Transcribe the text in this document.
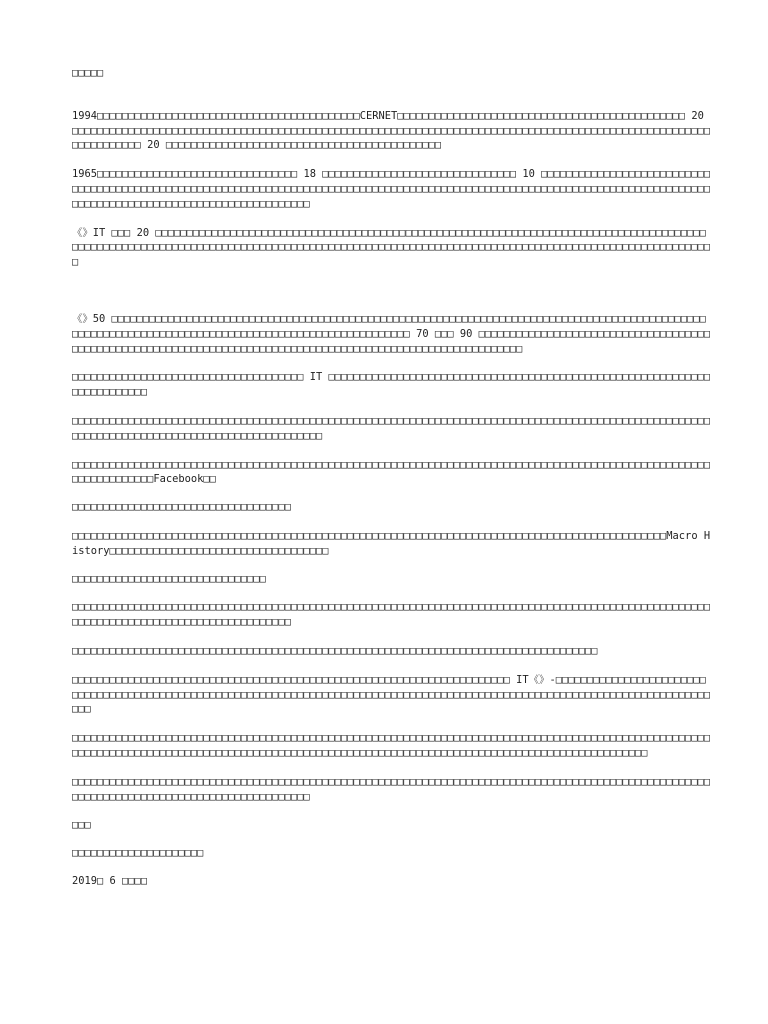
□□□□□

1994□□□□□□□□□□□□□□□□□□□□□□□□□□□□□□□□□□□□□□□□□□CERNET□□□□□□□□□□□□□□□□□□□□□□□□□□□□□□□□□□□□□□□□□□□□□□ 20 □□□□□□□□□□□□□□□□□□□□□□□□□□□□□□□□□□□□□□□□□□□□□□□□□□□□□□□□□□□□□□□□□□□□□□□□□□□□□□□□□□□□□□□□□□□□□□□□□□□□□□□□□□□□□□□□□ 20 □□□□□□□□□□□□□□□□□□□□□□□□□□□□□□□□□□□□□□□□□□□□

1965□□□□□□□□□□□□□□□□□□□□□□□□□□□□□□□□ 18 □□□□□□□□□□□□□□□□□□□□□□□□□□□□□□□ 10 □□□□□□□□□□□□□□□□□□□□□□□□□□□□□□□□□□□□□□□□□□□□□□□□□□□□□□□□□□□□□□□□□□□□□□□□□□□□□□□□□□□□□□□□□□□□□□□□□□□□□□□□□□□□□□□□□□□□□□□□□□□□□□□□□□□□□□□□□□□□□□□□□□□□□□□□□□□□□□□□□□□□□□□

《》IT □□□ 20 □□□□□□□□□□□□□□□□□□□□□□□□□□□□□□□□□□□□□□□□□□□□□□□□□□□□□□□□□□□□□□□□□□□□□□□□□□□□□□□□□□□□□□□□□□□□□□□□□□□□□□□□□□□□□□□□□□□□□□□□□□□□□□□□□□□□□□□□□□□□□□□□□□□□□□□□□□□□□□□□□□□□□□□□□□□□□□□□□□□□□□□□□□□□□□□

《》50 □□□□□□□□□□□□□□□□□□□□□□□□□□□□□□□□□□□□□□□□□□□□□□□□□□□□□□□□□□□□□□□□□□□□□□□□□□□□□□□□□□□□□□□□□□□□□□□□□□□□□□□□□□□□□□□□□□□□□□□□□□□□□□□□□□□□□□□□□□□□□□□□□□□□□ 70 □□□ 90 □□□□□□□□□□□□□□□□□□□□□□□□□□□□□□□□□□□□□□□□□□□□□□□□□□□□□□□□□□□□□□□□□□□□□□□□□□□□□□□□□□□□□□□□□□□□□□□□□□□□□□□□□□□□□

□□□□□□□□□□□□□□□□□□□□□□□□□□□□□□□□□□□□□ IT □□□□□□□□□□□□□□□□□□□□□□□□□□□□□□□□□□□□□□□□□□□□□□□□□□□□□□□□□□□□□□□□□□□□□□□□□

□□□□□□□□□□□□□□□□□□□□□□□□□□□□□□□□□□□□□□□□□□□□□□□□□□□□□□□□□□□□□□□□□□□□□□□□□□□□□□□□□□□□□□□□□□□□□□□□□□□□□□□□□□□□□□□□□□□□□□□□□□□□□□□□□□□□□□□□□□□□□□

□□□□□□□□□□□□□□□□□□□□□□□□□□□□□□□□□□□□□□□□□□□□□□□□□□□□□□□□□□□□□□□□□□□□□□□□□□□□□□□□□□□□□□□□□□□□□□□□□□□□□□□□□□□□□□□□□□□Facebook□□

□□□□□□□□□□□□□□□□□□□□□□□□□□□□□□□□□□□

□□□□□□□□□□□□□□□□□□□□□□□□□□□□□□□□□□□□□□□□□□□□□□□□□□□□□□□□□□□□□□□□□□□□□□□□□□□□□□□□□□□□□□□□□□□□□□□Macro History□□□□□□□□□□□□□□□□□□□□□□□□□□□□□□□□□□□

□□□□□□□□□□□□□□□□□□□□□□□□□□□□□□□

□□□□□□□□□□□□□□□□□□□□□□□□□□□□□□□□□□□□□□□□□□□□□□□□□□□□□□□□□□□□□□□□□□□□□□□□□□□□□□□□□□□□□□□□□□□□□□□□□□□□□□□□□□□□□□□□□□□□□□□□□□□□□□□□□□□□□□□□□

□□□□□□□□□□□□□□□□□□□□□□□□□□□□□□□□□□□□□□□□□□□□□□□□□□□□□□□□□□□□□□□□□□□□□□□□□□□□□□□□□□□□

□□□□□□□□□□□□□□□□□□□□□□□□□□□□□□□□□□□□□□□□□□□□□□□□□□□□□□□□□□□□□□□□□□□□□□ IT《》-□□□□□□□□□□□□□□□□□□□□□□□□□□□□□□□□□□□□□□□□□□□□□□□□□□□□□□□□□□□□□□□□□□□□□□□□□□□□□□□□□□□□□□□□□□□□□□□□□□□□□□□□□□□□□□□□□□□□□□□□□□□□□□□□□

□□□□□□□□□□□□□□□□□□□□□□□□□□□□□□□□□□□□□□□□□□□□□□□□□□□□□□□□□□□□□□□□□□□□□□□□□□□□□□□□□□□□□□□□□□□□□□□□□□□□□□□□□□□□□□□□□□□□□□□□□□□□□□□□□□□□□□□□□□□□□□□□□□□□□□□□□□□□□□□□□□□□□□□□□□□□□□□□□□□□□□□□□□□□□□□□□□

□□□□□□□□□□□□□□□□□□□□□□□□□□□□□□□□□□□□□□□□□□□□□□□□□□□□□□□□□□□□□□□□□□□□□□□□□□□□□□□□□□□□□□□□□□□□□□□□□□□□□□□□□□□□□□□□□□□□□□□□□□□□□□□□□□□□□□□□□□□□

□□□

□□□□□□□□□□□□□□□□□□□□□

2019□ 6 □□□□
